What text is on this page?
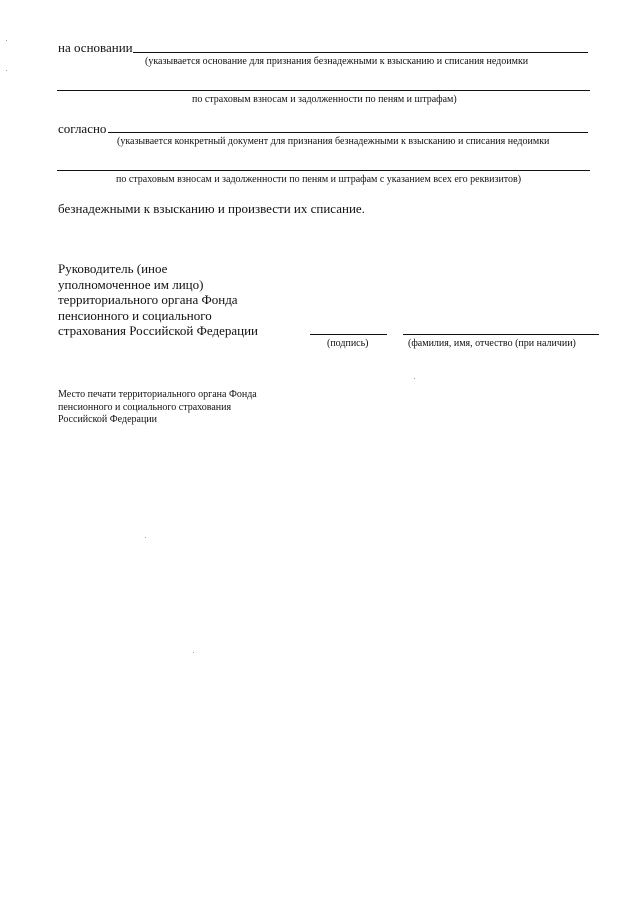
на основании
(указывается основание для признания безнадежными к взысканию и списания недоимки
по страховым взносам и задолженности по пеням и штрафам)
согласно
(указывается конкретный документ для признания безнадежными к взысканию и списания недоимки
по страховым взносам и задолженности по пеням и штрафам с указанием всех его реквизитов)
безнадежными к взысканию и произвести их списание.
Руководитель (иное
уполномоченное им лицо)
территориального органа Фонда
пенсионного и социального
страхования Российской Федерации
(подпись)	(фамилия, имя, отчество (при наличии)
Место печати территориального органа Фонда
пенсионного и социального страхования
Российской Федерации
